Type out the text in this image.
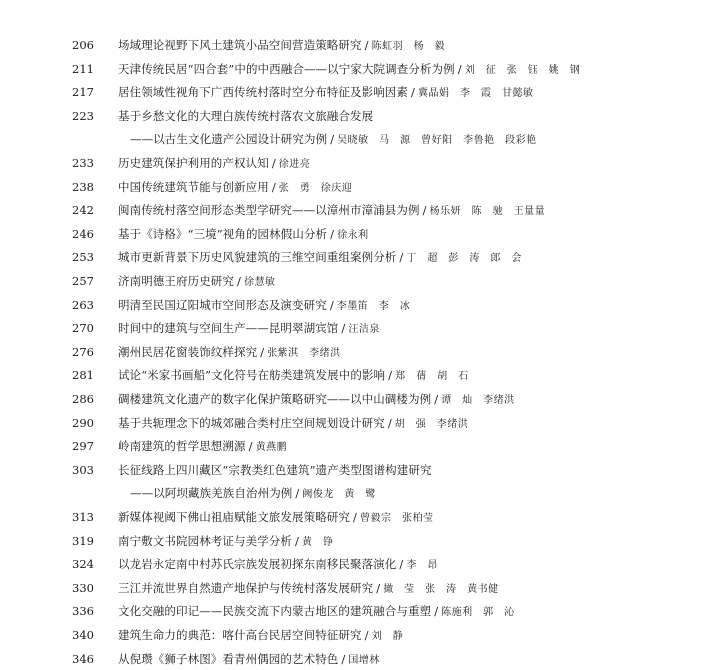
206	场域理论视野下风土建筑小品空间营造策略研究 / 陈虹羽　杨　毅
211	天津传统民居“四合套”中的中西融合——以宁家大院调查分析为例 / 刘　征　张　钰　姚　钢
217	居住领域性视角下广西传统村落时空分布特征及影响因素 / 冀晶娟　李　霞　甘懿敏
223	基于乡愁文化的大理白族传统村落农文旅融合发展
——以古生文化遗产公园设计研究为例 / 吴晓敏　马　源　曾好阳　李鲁艳　段彩艳
233	历史建筑保护利用的产权认知 / 徐进亮
238	中国传统建筑节能与创新应用 / 张　勇　徐庆迎
242	闽南传统村落空间形态类型学研究——以漳州市漳浦县为例 / 杨乐妍　陈　驰　王量量
246	基于《诗格》“三境”视角的园林假山分析 / 徐永利
253	城市更新背景下历史风貌建筑的三维空间重组案例分析 / 丁　超　彭　涛　郎　会
257	济南明德王府历史研究 / 徐慧敏
263	明清至民国辽阳城市空间形态及演变研究 / 李墨笛　李　冰
270	时间中的建筑与空间生产——昆明翠湖宾馆 / 汪洁泉
276	潮州民居花窗装饰纹样探究 / 张紫淇　李绪洪
281	试论“米家书画船”文化符号在舫类建筑发展中的影响 / 郑　蒨　胡　石
286	碉楼建筑文化遗产的数字化保护策略研究——以中山碉楼为例 / 谭　灿　李绪洪
290	基于共轭理念下的城郊融合类村庄空间规划设计研究 / 胡　强　李绪洪
297	岭南建筑的哲学思想溯源 / 黄燕鹏
303	长征线路上四川藏区“宗教类红色建筑”遗产类型图谱构建研究
——以阿坝藏族羌族自治州为例 / 阙俊龙　黄　鹭
313	新媒体视阈下佛山祖庙赋能文旅发展策略研究 / 曾毅宗　张柏莹
319	南宁敷文书院园林考证与美学分析 / 黄　铮
324	以龙岩永定南中村苏氏宗族发展初探东南移民聚落演化 / 李　昂
330	三江并流世界自然遗产地保护与传统村落发展研究 / 撖　莹　张　涛　黄书健
336	文化交融的印记——民族交流下内蒙古地区的建筑融合与重塑 / 陈施利　郭　沁
340	建筑生命力的典范：喀什高台民居空间特征研究 / 刘　静
346	从倪瓒《狮子林图》看青州偶园的艺术特色 / 国增林
